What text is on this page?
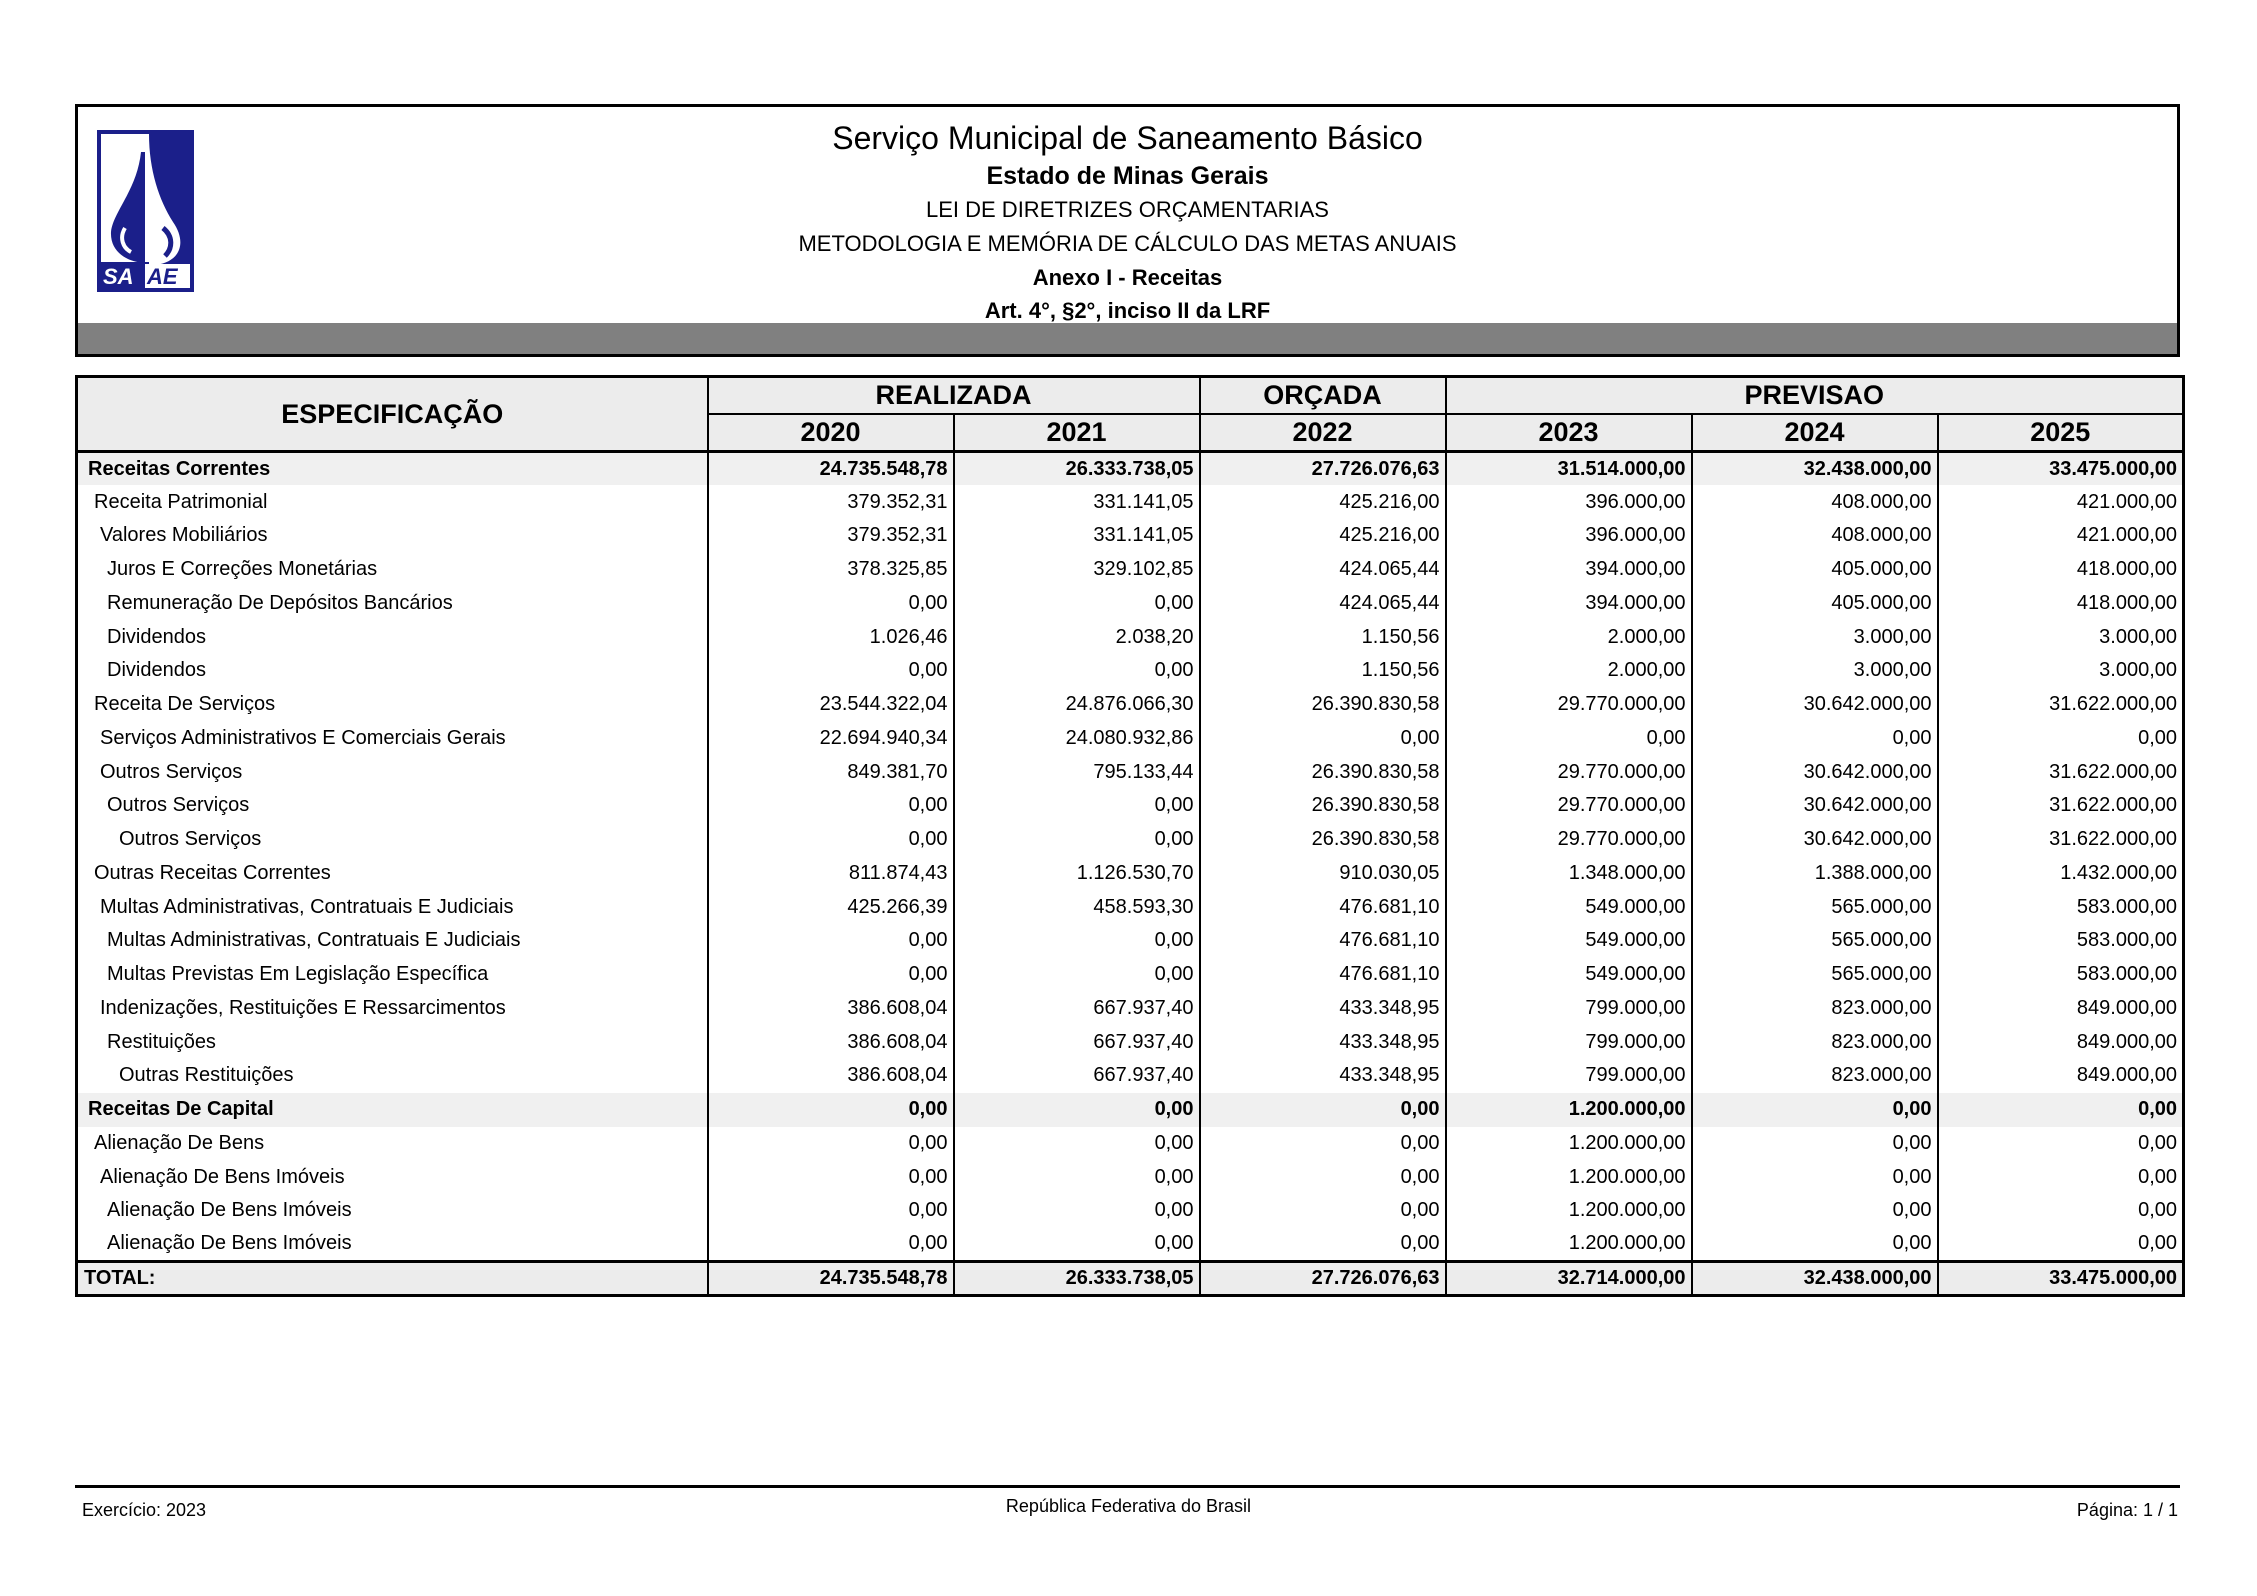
SA AE
Serviço Municipal de Saneamento Básico
Estado de Minas Gerais
LEI DE DIRETRIZES ORÇAMENTARIAS
METODOLOGIA E MEMÓRIA DE CÁLCULO DAS METAS ANUAIS
Anexo I - Receitas
Art. 4°, §2°, inciso II da LRF
ESPECIFICAÇÃO	REALIZADA		ORÇADA	PREVISAO		
	2020	2021	2022	2023	2024	2025
Receitas Correntes	24.735.548,78	26.333.738,05	27.726.076,63	31.514.000,00	32.438.000,00	33.475.000,00
Receita Patrimonial	379.352,31	331.141,05	425.216,00	396.000,00	408.000,00	421.000,00
Valores Mobiliários	379.352,31	331.141,05	425.216,00	396.000,00	408.000,00	421.000,00
Juros E Correções Monetárias	378.325,85	329.102,85	424.065,44	394.000,00	405.000,00	418.000,00
Remuneração De Depósitos Bancários	0,00	0,00	424.065,44	394.000,00	405.000,00	418.000,00
Dividendos	1.026,46	2.038,20	1.150,56	2.000,00	3.000,00	3.000,00
Dividendos	0,00	0,00	1.150,56	2.000,00	3.000,00	3.000,00
Receita De Serviços	23.544.322,04	24.876.066,30	26.390.830,58	29.770.000,00	30.642.000,00	31.622.000,00
Serviços Administrativos E Comerciais Gerais	22.694.940,34	24.080.932,86	0,00	0,00	0,00	0,00
Outros Serviços	849.381,70	795.133,44	26.390.830,58	29.770.000,00	30.642.000,00	31.622.000,00
Outros Serviços	0,00	0,00	26.390.830,58	29.770.000,00	30.642.000,00	31.622.000,00
Outros Serviços	0,00	0,00	26.390.830,58	29.770.000,00	30.642.000,00	31.622.000,00
Outras Receitas Correntes	811.874,43	1.126.530,70	910.030,05	1.348.000,00	1.388.000,00	1.432.000,00
Multas Administrativas, Contratuais E Judiciais	425.266,39	458.593,30	476.681,10	549.000,00	565.000,00	583.000,00
Multas Administrativas, Contratuais E Judiciais	0,00	0,00	476.681,10	549.000,00	565.000,00	583.000,00
Multas Previstas Em Legislação Específica	0,00	0,00	476.681,10	549.000,00	565.000,00	583.000,00
Indenizações, Restituições E Ressarcimentos	386.608,04	667.937,40	433.348,95	799.000,00	823.000,00	849.000,00
Restituições	386.608,04	667.937,40	433.348,95	799.000,00	823.000,00	849.000,00
Outras Restituições	386.608,04	667.937,40	433.348,95	799.000,00	823.000,00	849.000,00
Receitas De Capital	0,00	0,00	0,00	1.200.000,00	0,00	0,00
Alienação De Bens	0,00	0,00	0,00	1.200.000,00	0,00	0,00
Alienação De Bens Imóveis	0,00	0,00	0,00	1.200.000,00	0,00	0,00
Alienação De Bens Imóveis	0,00	0,00	0,00	1.200.000,00	0,00	0,00
Alienação De Bens Imóveis	0,00	0,00	0,00	1.200.000,00	0,00	0,00
TOTAL:	24.735.548,78	26.333.738,05	27.726.076,63	32.714.000,00	32.438.000,00	33.475.000,00
Exercício: 2023	República Federativa do Brasil	Página: 1 / 1
